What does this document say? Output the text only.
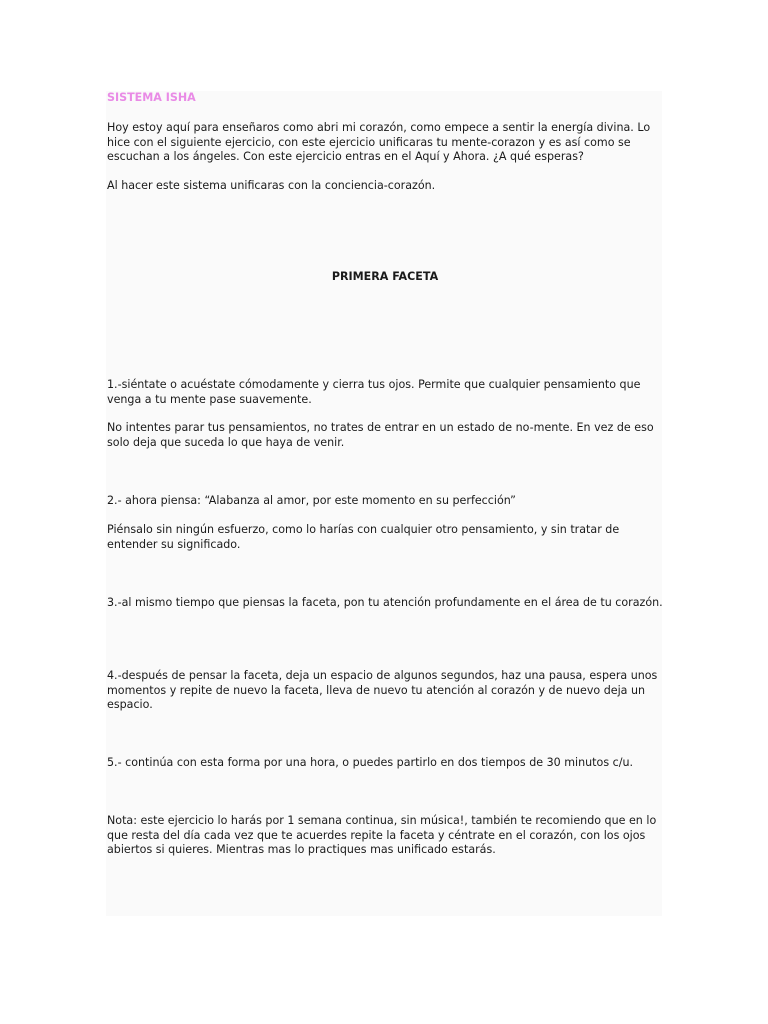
SISTEMA ISHA

Hoy estoy aquí para enseñaros como abri mi corazón, como empece a sentir la energía divina. Lo hice con el siguiente ejercicio, con este ejercicio unificaras tu mente-corazon y es así como se escuchan a los ángeles. Con este ejercicio entras en el Aquí y Ahora. ¿A qué esperas?

Al hacer este sistema unificaras con la conciencia-corazón.

PRIMERA FACETA

1.-siéntate o acuéstate cómodamente y cierra tus ojos. Permite que cualquier pensamiento que venga a tu mente pase suavemente.

No intentes parar tus pensamientos, no trates de entrar en un estado de no-mente. En vez de eso solo deja que suceda lo que haya de venir.

2.- ahora piensa: “Alabanza al amor, por este momento en su perfección”

Piénsalo sin ningún esfuerzo, como lo harías con cualquier otro pensamiento, y sin tratar de entender su significado.

3.-al mismo tiempo que piensas la faceta, pon tu atención profundamente en el área de tu corazón.

4.-después de pensar la faceta, deja un espacio de algunos segundos, haz una pausa, espera unos momentos y repite de nuevo la faceta, lleva de nuevo tu atención al corazón y de nuevo deja un espacio.

5.- continúa con esta forma por una hora, o puedes partirlo en dos tiempos de 30 minutos c/u.

Nota: este ejercicio lo harás por 1 semana continua, sin música!, también te recomiendo que en lo que resta del día cada vez que te acuerdes repite la faceta y céntrate en el corazón, con los ojos abiertos si quieres. Mientras mas lo practiques mas unificado estarás.
